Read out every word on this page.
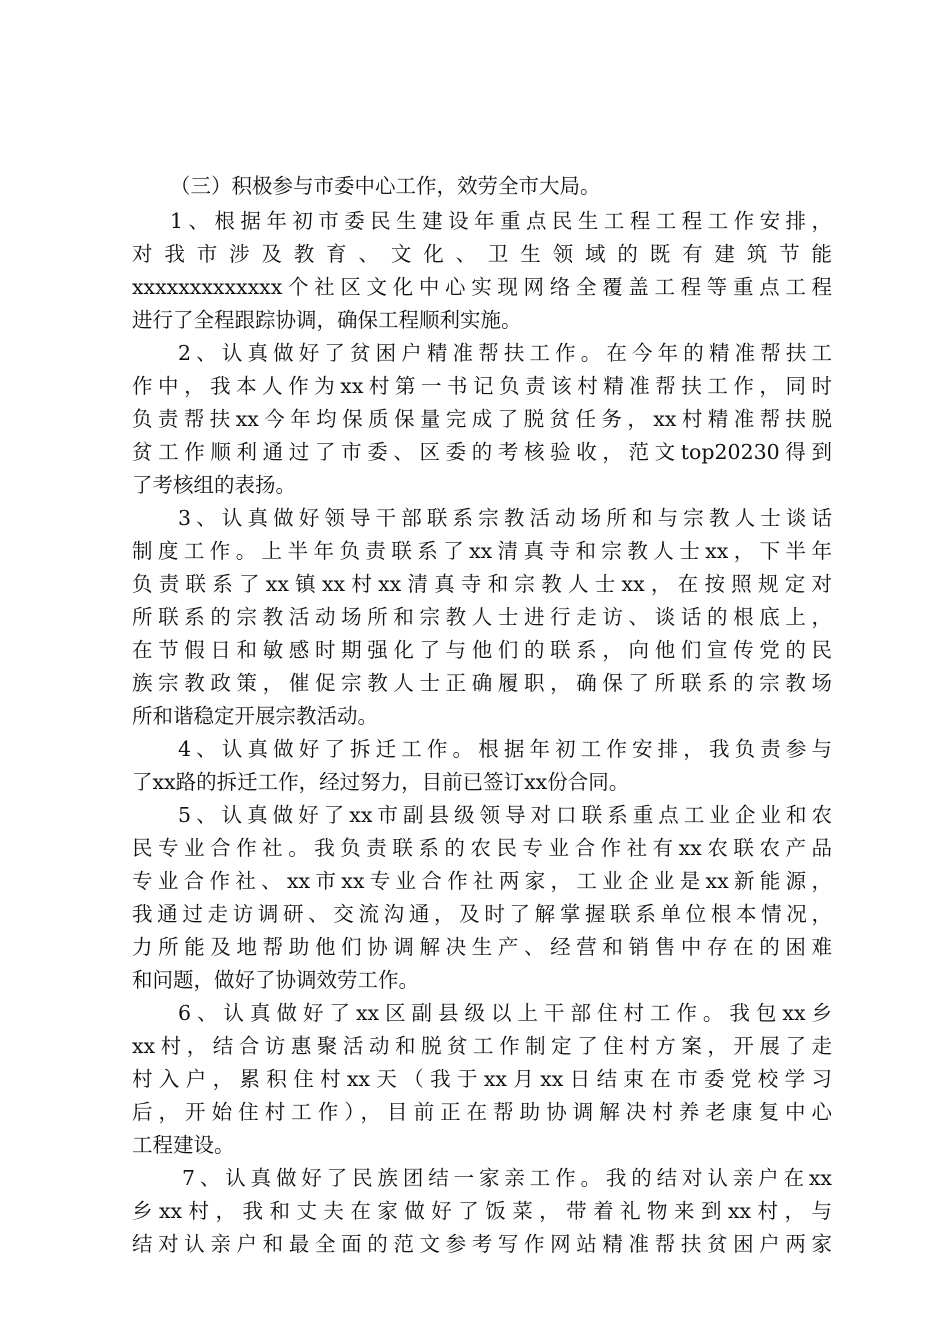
（三）积极参与市委中心工作，效劳全市大局。
1、根据年初市委民生建设年重点民生工程工程工作安排，
对我市涉及教育、文化、卫生领域的既有建筑节能
xxxxxxxxxxxxx个社区文化中心实现网络全覆盖工程等重点工程
进行了全程跟踪协调，确保工程顺利实施。
2、认真做好了贫困户精准帮扶工作。在今年的精准帮扶工
作中，我本人作为xx村第一书记负责该村精准帮扶工作，同时
负责帮扶xx今年均保质保量完成了脱贫任务，xx村精准帮扶脱
贫工作顺利通过了市委、区委的考核验收，范文top20230得到
了考核组的表扬。
3、认真做好领导干部联系宗教活动场所和与宗教人士谈话
制度工作。上半年负责联系了xx清真寺和宗教人士xx，下半年
负责联系了xx镇xx村xx清真寺和宗教人士xx，在按照规定对
所联系的宗教活动场所和宗教人士进行走访、谈话的根底上，
在节假日和敏感时期强化了与他们的联系，向他们宣传党的民
族宗教政策，催促宗教人士正确履职，确保了所联系的宗教场
所和谐稳定开展宗教活动。
4、认真做好了拆迁工作。根据年初工作安排，我负责参与
了xx路的拆迁工作，经过努力，目前已签订xx份合同。
5、认真做好了xx市副县级领导对口联系重点工业企业和农
民专业合作社。我负责联系的农民专业合作社有xx农联农产品
专业合作社、xx市xx专业合作社两家，工业企业是xx新能源，
我通过走访调研、交流沟通，及时了解掌握联系单位根本情况，
力所能及地帮助他们协调解决生产、经营和销售中存在的困难
和问题，做好了协调效劳工作。
6、认真做好了xx区副县级以上干部住村工作。我包xx乡
xx村，结合访惠聚活动和脱贫工作制定了住村方案，开展了走
村入户，累积住村xx天（我于xx月xx日结束在市委党校学习
后，开始住村工作），目前正在帮助协调解决村养老康复中心
工程建设。
7、认真做好了民族团结一家亲工作。我的结对认亲户在xx
乡xx村，我和丈夫在家做好了饭菜，带着礼物来到xx村，与
结对认亲户和最全面的范文参考写作网站精准帮扶贫困户两家
